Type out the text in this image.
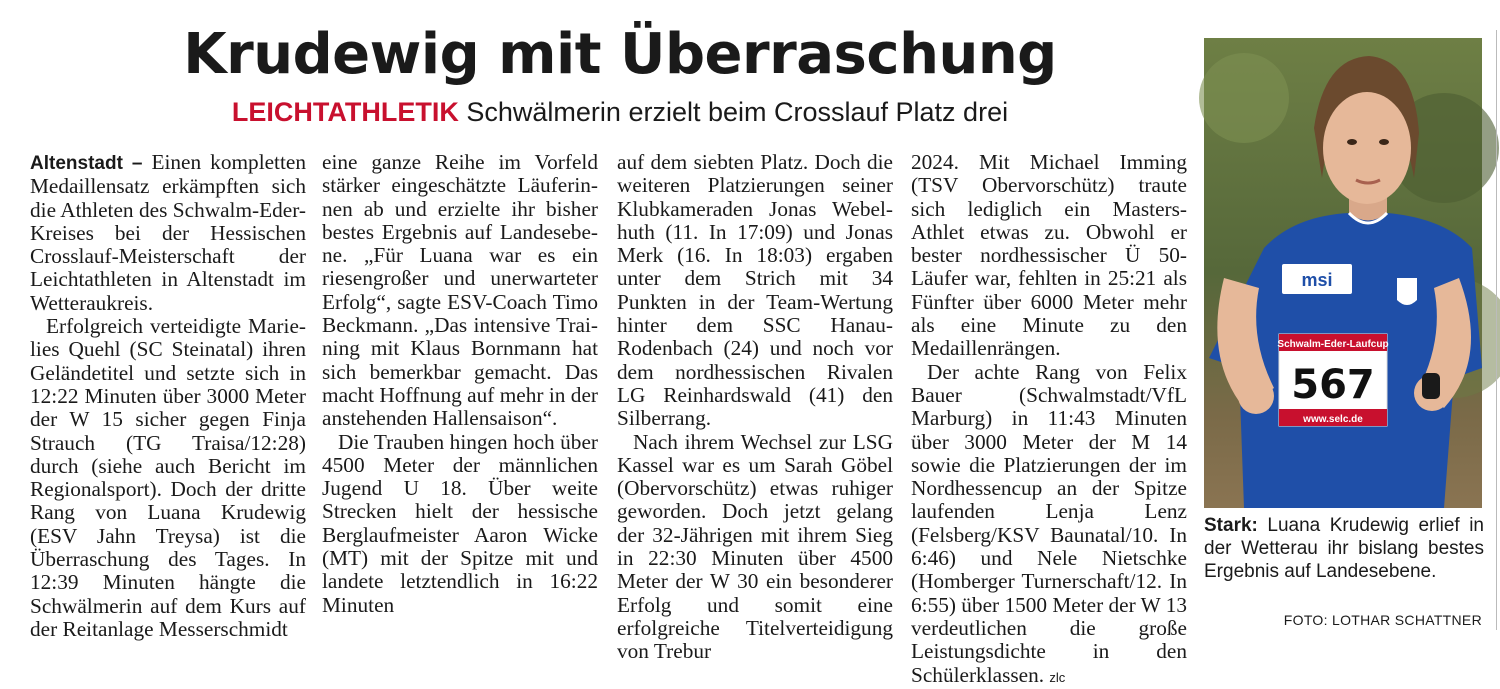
Krudewig mit Überraschung
LEICHTATHLETIK Schwälmerin erzielt beim Crosslauf Platz drei

Altenstadt – Einen kompletten Medaillensatz erkämpften sich die Athleten des Schwalm-Eder-Kreises bei der Hessischen Crosslauf-Meisterschaft der Leichtathleten in Altenstadt im Wetteraukreis.

Erfolgreich verteidigte Marielies Quehl (SC Steinatal) ihren Geländetitel und setzte sich in 12:22 Minuten über 3000 Meter der W 15 sicher gegen Finja Strauch (TG Traisa/12:28) durch (siehe auch Bericht im Regionalsport). Doch der dritte Rang von Luana Krudewig (ESV Jahn Treysa) ist die Überraschung des Tages. In 12:39 Minuten hängte die Schwälmerin auf dem Kurs auf der Reitanlage Messerschmidt

eine ganze Reihe im Vorfeld stärker eingeschätzte Läuferinnen ab und erzielte ihr bisher bestes Ergebnis auf Landesebene. „Für Luana war es ein riesengroßer und unerwarteter Erfolg“, sagte ESV-Coach Timo Beckmann. „Das intensive Training mit Klaus Bornmann hat sich bemerkbar gemacht. Das macht Hoffnung auf mehr in der anstehenden Hallensaison“.

Die Trauben hingen hoch über 4500 Meter der männlichen Jugend U 18. Über weite Strecken hielt der hessische Berglaufmeister Aaron Wicke (MT) mit der Spitze mit und landete letztendlich in 16:22 Minuten

auf dem siebten Platz. Doch die weiteren Platzierungen seiner Klubkameraden Jonas Webelhuth (11. In 17:09) und Jonas Merk (16. In 18:03) ergaben unter dem Strich mit 34 Punkten in der Team-Wertung hinter dem SSC Hanau-Rodenbach (24) und noch vor dem nordhessischen Rivalen LG Reinhardswald (41) den Silberrang.

Nach ihrem Wechsel zur LSG Kassel war es um Sarah Göbel (Obervorschütz) etwas ruhiger geworden. Doch jetzt gelang der 32-Jährigen mit ihrem Sieg in 22:30 Minuten über 4500 Meter der W 30 ein besonderer Erfolg und somit eine erfolgreiche Titelverteidigung von Trebur

2024. Mit Michael Imming (TSV Obervorschütz) traute sich lediglich ein Masters-Athlet etwas zu. Obwohl er bester nordhessischer Ü 50-Läufer war, fehlten in 25:21 als Fünfter über 6000 Meter mehr als eine Minute zu den Medaillenrängen.

Der achte Rang von Felix Bauer (Schwalmstadt/VfL Marburg) in 11:43 Minuten über 3000 Meter der M 14 sowie die Platzierungen der im Nordhessencup an der Spitze laufenden Lenja Lenz (Felsberg/KSV Baunatal/10. In 6:46) und Nele Nietschke (Homberger Turnerschaft/12. In 6:55) über 1500 Meter der W 13 verdeutlichen die große Leistungsdichte in den Schülerklassen. zlc

msi
Schwalm-Eder-Laufcup
567
www.selc.de
Stark: Luana Krudewig erlief in der Wetterau ihr bislang bestes Ergebnis auf Landesebene.
FOTO: LOTHAR SCHATTNER
